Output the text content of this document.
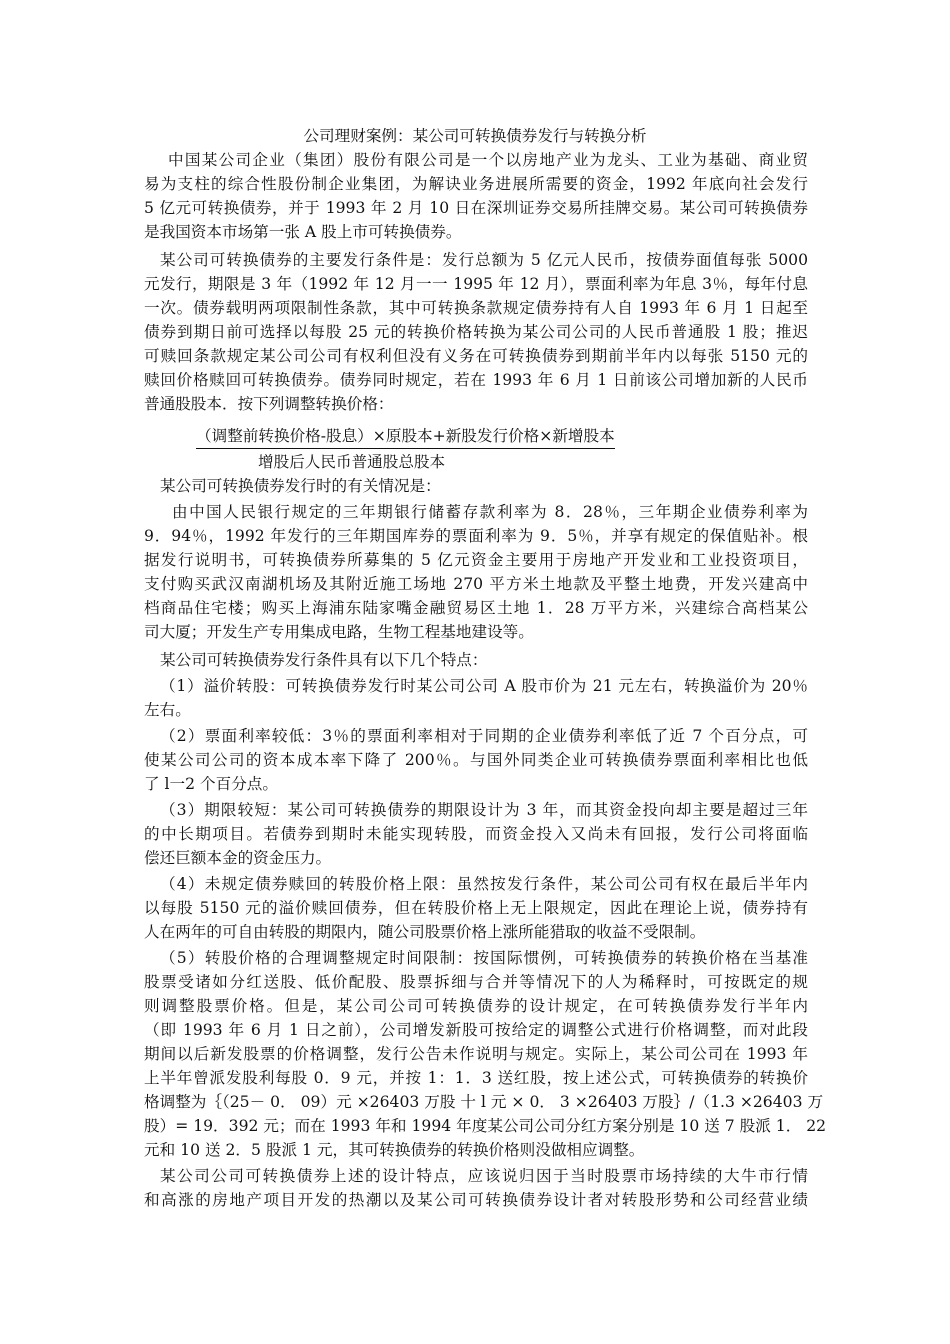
公司理财案例：某公司可转换债券发行与转换分析
中国某公司企业（集团）股份有限公司是一个以房地产业为龙头、工业为基础、商业贸
易为支柱的综合性股份制企业集团，为解诀业务进展所需要的资金，1992 年底向社会发行
5 亿元可转换债券，并于 1993 年 2 月 10 日在深圳证券交易所挂牌交易。某公司可转换债券
是我国资本市场第一张 A 股上市可转换债券。
某公司可转换债券的主要发行条件是：发行总额为 5 亿元人民币，按债券面值每张 5000
元发行，期限是 3 年（1992 年 12 月一一 1995 年 12 月），票面利率为年息 3％，每年付息
一次。债券载明两项限制性条款，其中可转换条款规定债券持有人自 1993 年 6 月 1 日起至
债券到期日前可选择以每股 25 元的转换价格转换为某公司公司的人民币普通股 1 股；推迟
可赎回条款规定某公司公司有权利但没有义务在可转换债券到期前半年内以每张 5150 元的
赎回价格赎回可转换债券。债券同时规定，若在 1993 年 6 月 1 日前该公司增加新的人民币
普通股股本．按下列调整转换价格：
某公司可转换债券发行时的有关情况是：
由中国人民银行规定的三年期银行储蓄存款利率为 8．28％，三年期企业债券利率为
9．94％，1992 年发行的三年期国库券的票面利率为 9．5％，并享有规定的保值贴补。根
据发行说明书，可转换债券所募集的 5 亿元资金主要用于房地产开发业和工业投资项目，
支付购买武汉南湖机场及其附近施工场地 270 平方米土地款及平整土地费，开发兴建高中
档商品住宅楼；购买上海浦东陆家嘴金融贸易区土地 1．28 万平方米，兴建综合高档某公
司大厦；开发生产专用集成电路，生物工程基地建设等。
某公司可转换债券发行条件具有以下几个特点：
（1）溢价转股：可转换债券发行时某公司公司 A 股市价为 21 元左右，转换溢价为 20％
左右。
（2）票面利率较低：3％的票面利率相对于同期的企业债券利率低了近 7 个百分点，可
使某公司公司的资本成本率下降了 200％。与国外同类企业可转换债券票面利率相比也低
了 l一2 个百分点。
（3）期限较短：某公司可转换债券的期限设计为 3 年，而其资金投向却主要是超过三年
的中长期项目。若债券到期时未能实现转股，而资金投入又尚未有回报，发行公司将面临
偿还巨额本金的资金压力。
（4）未规定债券赎回的转股价格上限：虽然按发行条件，某公司公司有权在最后半年内
以每股 5150 元的溢价赎回债券，但在转股价格上无上限规定，因此在理论上说，债券持有
人在两年的可自由转股的期限内，随公司股票价格上涨所能猎取的收益不受限制。
（5）转股价格的合理调整规定时间限制：按国际惯例，可转换债券的转换价格在当基准
股票受诸如分红送股、低价配股、股票拆细与合并等情况下的人为稀释时，可按既定的规
则调整股票价格。但是，某公司公司可转换债券的设计规定，在可转换债券发行半年内
（即 1993 年 6 月 1 日之前），公司增发新股可按给定的调整公式进行价格调整，而对此段
期间以后新发股票的价格调整，发行公告未作说明与规定。实际上，某公司公司在 1993 年
上半年曾派发股利每股 0．9 元，并按 1：1．3 送红股，按上述公式，可转换债券的转换价
格调整为｛（25－ 0． 09）元 ×26403 万股 十 l 元 × 0． 3 ×26403 万股｝/（1.3 ×26403 万
股）= 19．392 元；而在 1993 年和 1994 年度某公司公司分红方案分别是 10 送 7 股派 1． 22
元和 10 送 2．5 股派 1 元，其可转换债券的转换价格则没做相应调整。
某公司公司可转换债券上述的设计特点，应该说归因于当时股票市场持续的大牛市行情
和高涨的房地产项目开发的热潮以及某公司可转换债券设计者对转股形势和公司经营业绩
（调整前转换价格-股息）×原股本+新股发行价格×新增股本
增股后人民币普通股总股本
